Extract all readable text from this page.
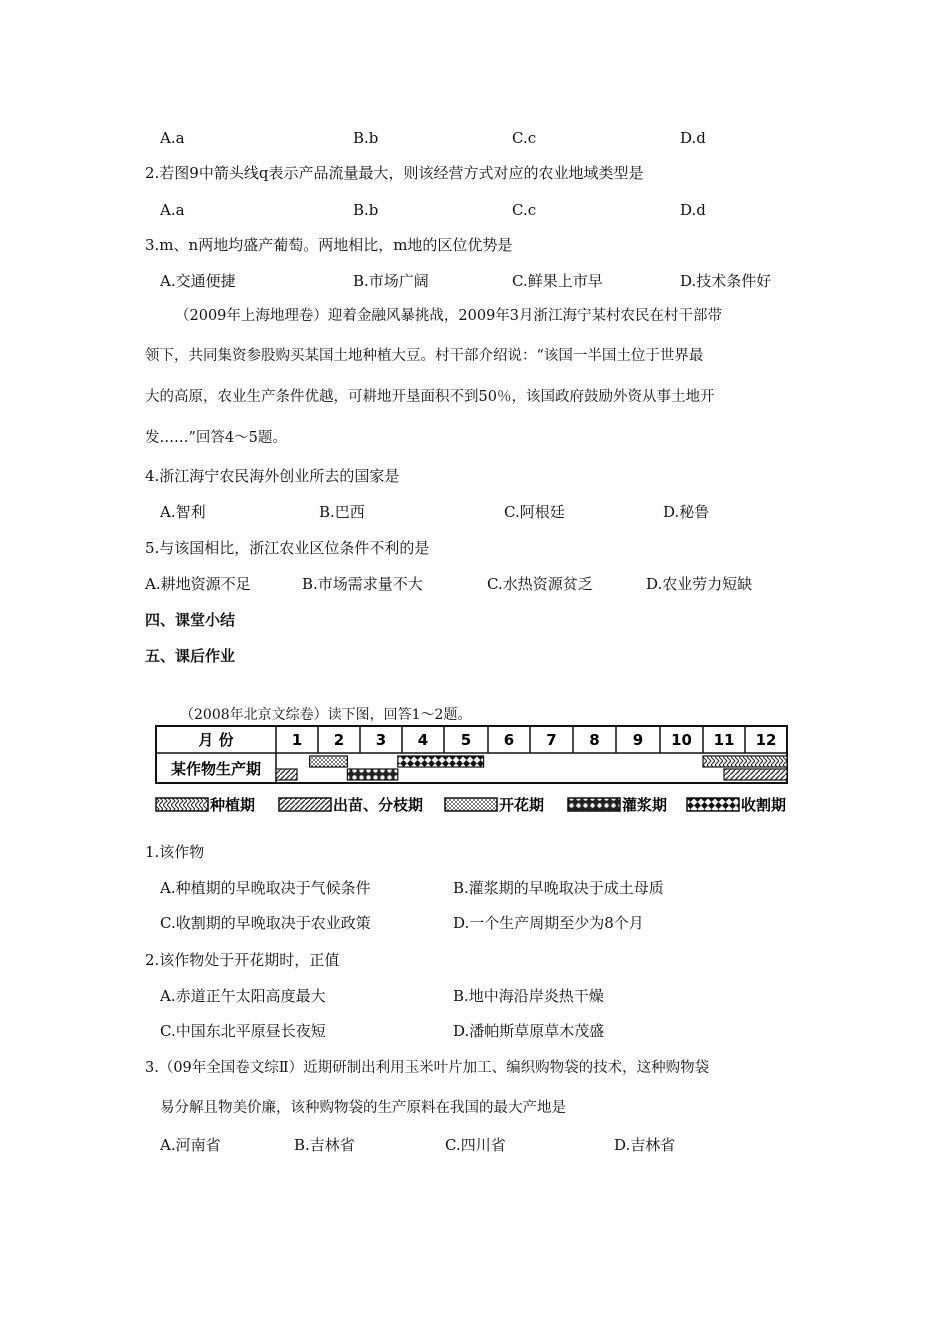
A.a	B.b	C.c	D.d
2.若图9中箭头线q表示产品流量最大，则该经营方式对应的农业地域类型是
A.a	B.b	C.c	D.d
3.m、n两地均盛产葡萄。两地相比，m地的区位优势是
A.交通便捷	B.市场广阔	C.鲜果上市早	D.技术条件好
（2009年上海地理卷）迎着金融风暴挑战，2009年3月浙江海宁某村农民在村干部带
领下，共同集资参股购买某国土地种植大豆。村干部介绍说：“该国一半国土位于世界最
大的高原，农业生产条件优越，可耕地开垦面积不到50％，该国政府鼓励外资从事土地开
发……”回答4～5题。
4.浙江海宁农民海外创业所去的国家是
A.智利	B.巴西	C.阿根廷	D.秘鲁
5.与该国相比，浙江农业区位条件不利的是
A.耕地资源不足	B.市场需求量不大	C.水热资源贫乏	D.农业劳力短缺
四、课堂小结
五、课后作业
（2008年北京文综卷）读下图，回答1～2题。
月 份
某作物生产期
1 2 3 4 5 6 7 8 9 10 11 12
种植期	出苗、分枝期	开花期	灌浆期	收割期
1.该作物
A.种植期的早晚取决于气候条件	B.灌浆期的早晚取决于成土母质
C.收割期的早晚取决于农业政策	D.一个生产周期至少为8个月
2.该作物处于开花期时，正值
A.赤道正午太阳高度最大	B.地中海沿岸炎热干燥
C.中国东北平原昼长夜短	D.潘帕斯草原草木茂盛
3.（09年全国卷文综Ⅱ）近期研制出利用玉米叶片加工、编织购物袋的技术，这种购物袋
易分解且物美价廉，该种购物袋的生产原料在我国的最大产地是
A.河南省	B.吉林省	C.四川省	D.吉林省
